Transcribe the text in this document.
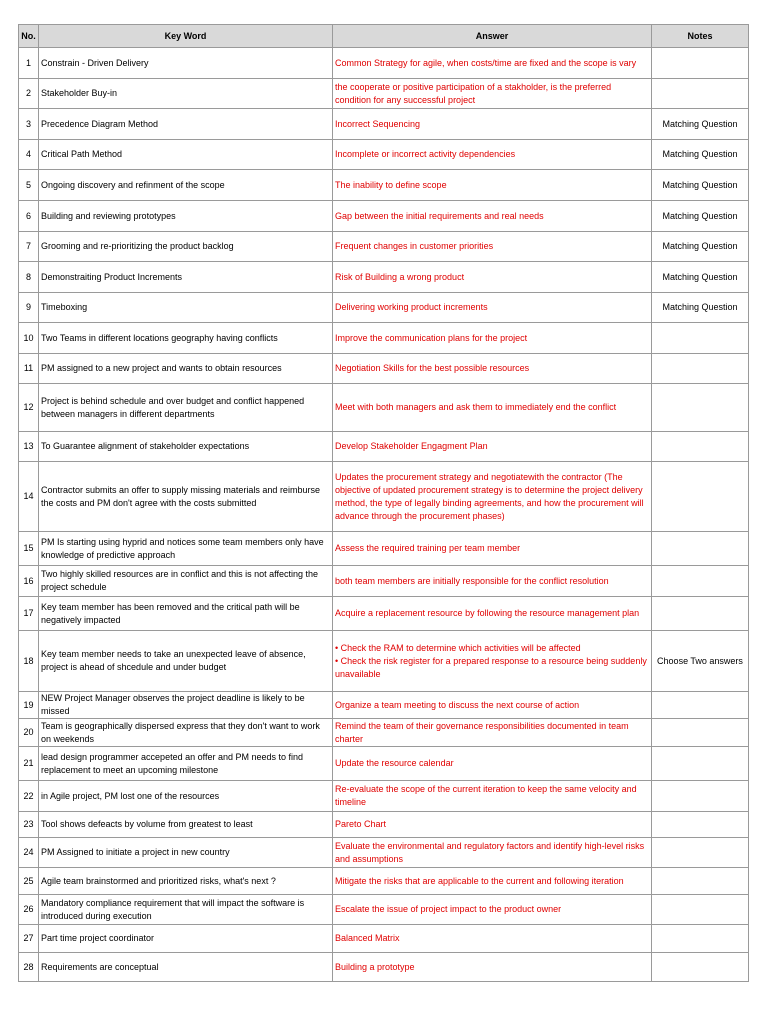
No.	Key Word	Answer	Notes
1	Constrain - Driven Delivery	Common Strategy for agile, when costs/time are fixed and the scope is vary	

2	Stakeholder Buy-in	the cooperate or positive participation of a stakholder, is the preferred condition for any successful project	

3	Precedence Diagram Method	Incorrect Sequencing	Matching Question
4	Critical Path Method	Incomplete or incorrect activity dependencies	Matching Question
5	Ongoing discovery and refinment of the scope	The inability to define scope	Matching Question
6	Building and reviewing prototypes	Gap between the initial requirements and real needs	Matching Question
7	Grooming and re-prioritizing the product backlog	Frequent changes in customer priorities	Matching Question
8	Demonstraiting Product Increments	Risk of Building a wrong product	Matching Question
9	Timeboxing	Delivering working product increments	Matching Question
10	Two Teams in different locations geography having conflicts	Improve the communication plans for the project	

11	PM assigned to a new project and wants to obtain resources	Negotiation Skills for the best possible resources	

12	Project is behind schedule and over budget and conflict happened between managers in different departments	Meet with both managers and ask them to immediately end the conflict	

13	To Guarantee alignment of stakeholder expectations	Develop Stakeholder Engagment Plan	

14	Contractor submits an offer to supply missing materials and reimburse the costs and PM don't agree with the costs submitted	Updates the procurement strategy and negotiatewith the contractor (The objective of updated procurement strategy is to determine the project delivery method, the type of legally binding agreements, and how the procurement will advance through the procurement phases)	

15	PM Is starting using hyprid and notices some team members only have knowledge of predictive approach	Assess the required training per team member	

16	Two highly skilled resources are in conflict and this is not affecting the project schedule	both team members are initially responsible for the conflict resolution	

17	Key team member has been removed and the critical path will be negatively impacted	Acquire a replacement resource by following the resource management plan	

18	Key team member needs to take an unexpected leave of absence, project is ahead of shcedule and under budget	• Check the RAM to determine which activities will be affected
• Check the risk register for a prepared response to a resource being suddenly unavailable	Choose Two answers
19	NEW Project Manager observes the project deadline is likely to be missed	Organize a team meeting to discuss the next course of action	

20	Team is geographically dispersed express that they don't want to work on weekends	Remind the team of their governance responsibilities documented in team charter	

21	lead design programmer accepeted an offer and PM needs to find replacement to meet an upcoming milestone	Update the resource calendar	

22	in Agile project, PM lost one of the resources	Re-evaluate the scope of the current iteration to keep the same velocity and timeline	

23	Tool shows defeacts by volume from greatest to least	Pareto Chart	

24	PM Assigned to initiate a project in new country	Evaluate the environmental and regulatory factors and identify high-level risks and assumptions	

25	Agile team brainstormed and prioritized risks, what's next ?	Mitigate the risks that are applicable to the current and following iteration	

26	Mandatory compliance requirement that will impact the software is introduced during execution	Escalate the issue of project impact to the product owner	

27	Part time project coordinator	Balanced Matrix	

28	Requirements are conceptual	Building a prototype	
